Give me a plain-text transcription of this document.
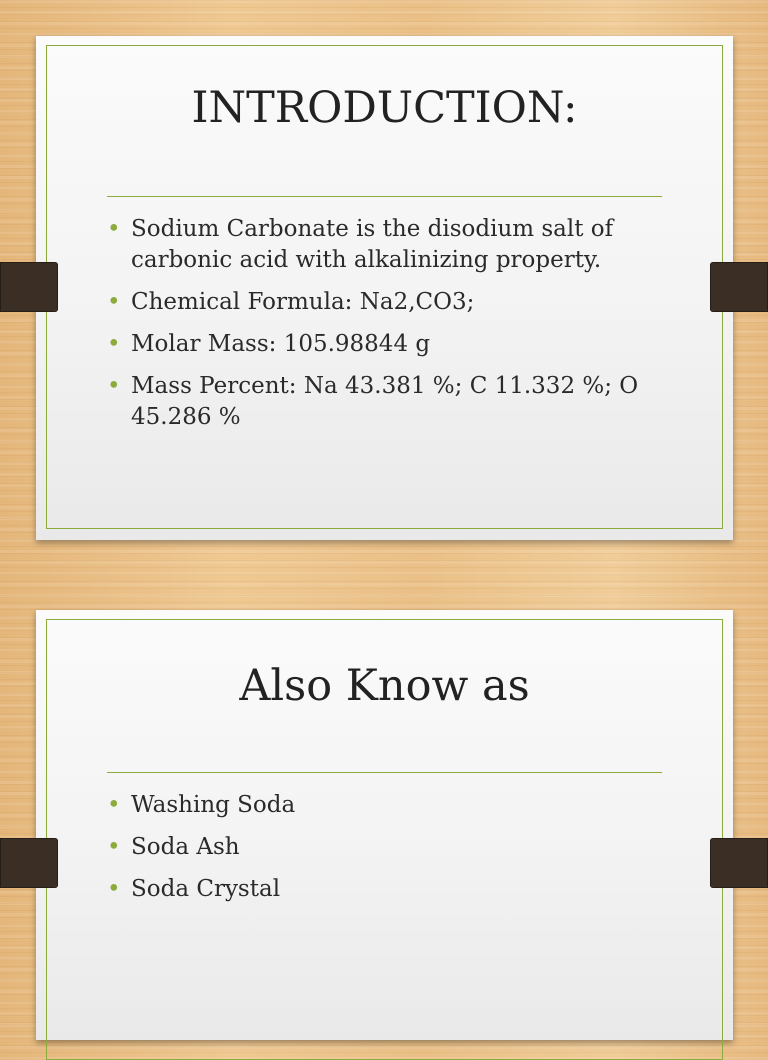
INTRODUCTION:
• Sodium Carbonate is the disodium salt of carbonic acid with alkalinizing property.
• Chemical Formula: Na2,CO3;
• Molar Mass: 105.98844 g
• Mass Percent: Na 43.381 %; C 11.332 %; O 45.286 %
Also Know as
• Washing Soda
• Soda Ash
• Soda Crystal
